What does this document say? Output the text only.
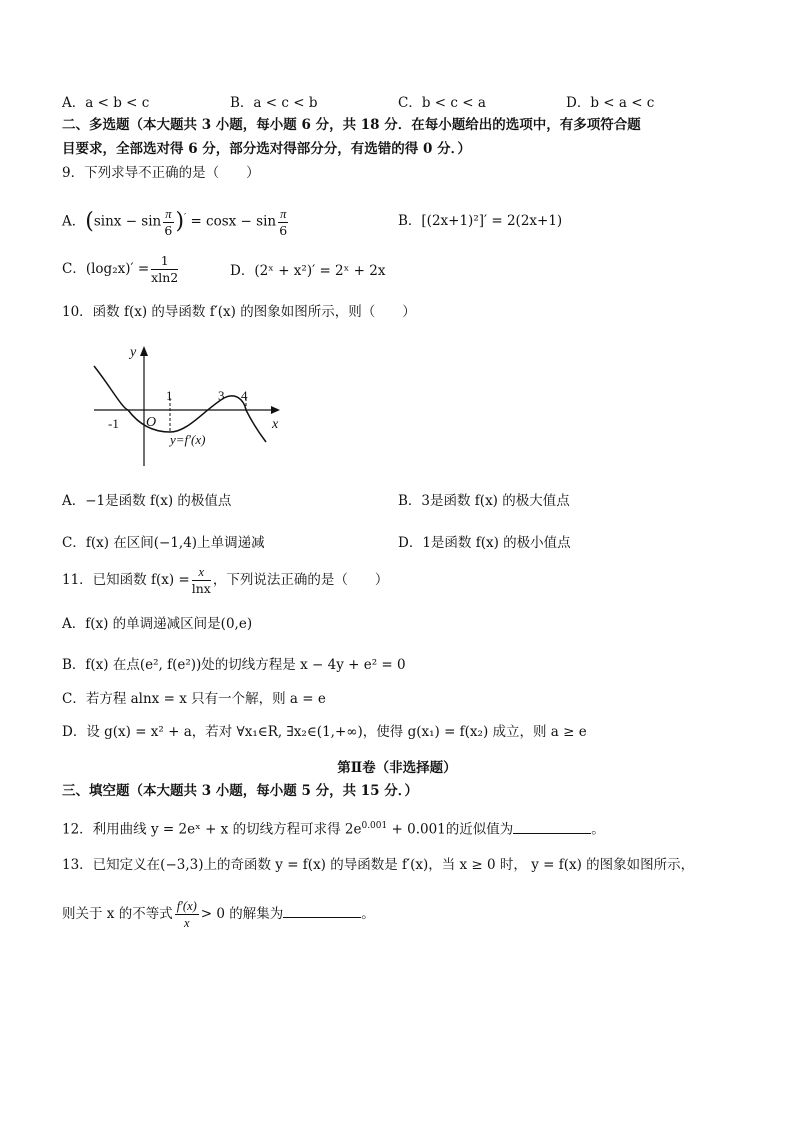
A．a < b < c	B．a < c < b	C．b < c < a	D．b < a < c
二、多选题（本大题共 3 小题，每小题 6 分，共 18 分．在每小题给出的选项中，有多项符合题
目要求，全部选对得 6 分，部分选对得部分分，有选错的得 0 分．）
9．下列求导不正确的是（　　）
A．$(\sin x - \sin \frac{\pi}{6} )' = \cos x - \sin \frac{\pi}{6}$	B．[(2x+1)²]′ = 2(2x+1)
C．$(\log_2x)' = \frac{1}{xln2}$	D．(2ˣ + x²)′ = 2ˣ + 2x
10．函数 f(x) 的导函数 f′(x) 的图象如图所示，则（　　）
y
x
O
-1
1	3 4
y=f′(x)
A．−1是函数 f(x) 的极值点	B．3是函数 f(x) 的极大值点
C．f(x) 在区间(−1,4)上单调递减	D．1是函数 f(x) 的极小值点
11．已知函数 $f(x) = \frac{x}{\ln x}$ ，下列说法正确的是（　　）
A．f(x) 的单调递减区间是(0,e)
B．f(x) 在点(e², f(e²))处的切线方程是 x − 4y + e² = 0
C．若方程 alnx = x 只有一个解，则 a = e
D．设 g(x) = x² + a，若对 ∀x₁∈R, ∃x₂∈(1,+∞)，使得 g(x₁) = f(x₂) 成立，则 a ≥ e
第Ⅱ卷（非选择题）
三、填空题（本大题共 3 小题，每小题 5 分，共 15 分．）
12．利用曲线 y = 2eˣ + x 的切线方程可求得 $2e^{0.001} + 0.001$的近似值为	。
13．已知定义在(−3,3)上的奇函数 y = f(x) 的导函数是 f′(x)，当 x ≥ 0 时， y = f(x) 的图象如图所示，
则关于 x 的不等式 $\frac{f'(x)}{x} > 0$ 的解集为	。
